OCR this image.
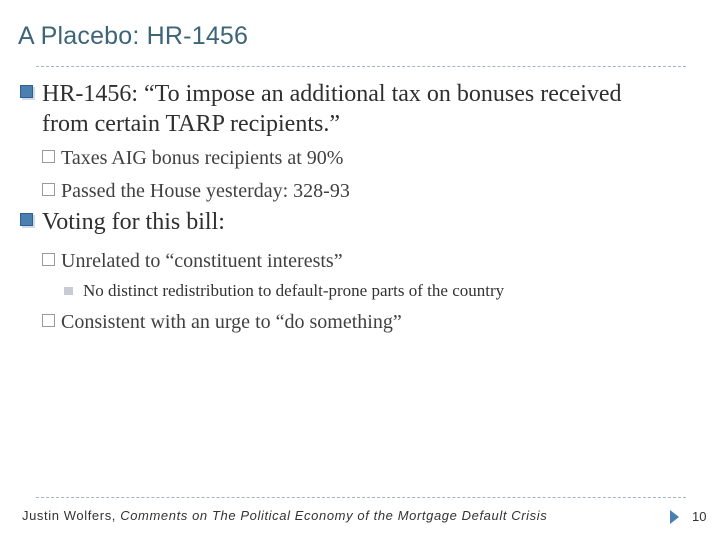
A Placebo: HR-1456
HR-1456: “To impose an additional tax on bonuses received
from certain TARP recipients.”
Taxes AIG bonus recipients at 90%
Passed the House yesterday: 328-93
Voting for this bill:
Unrelated to “constituent interests”
No distinct redistribution to default-prone parts of the country
Consistent with an urge to “do something”
Justin Wolfers, Comments on The Political Economy of the Mortgage Default Crisis	10
